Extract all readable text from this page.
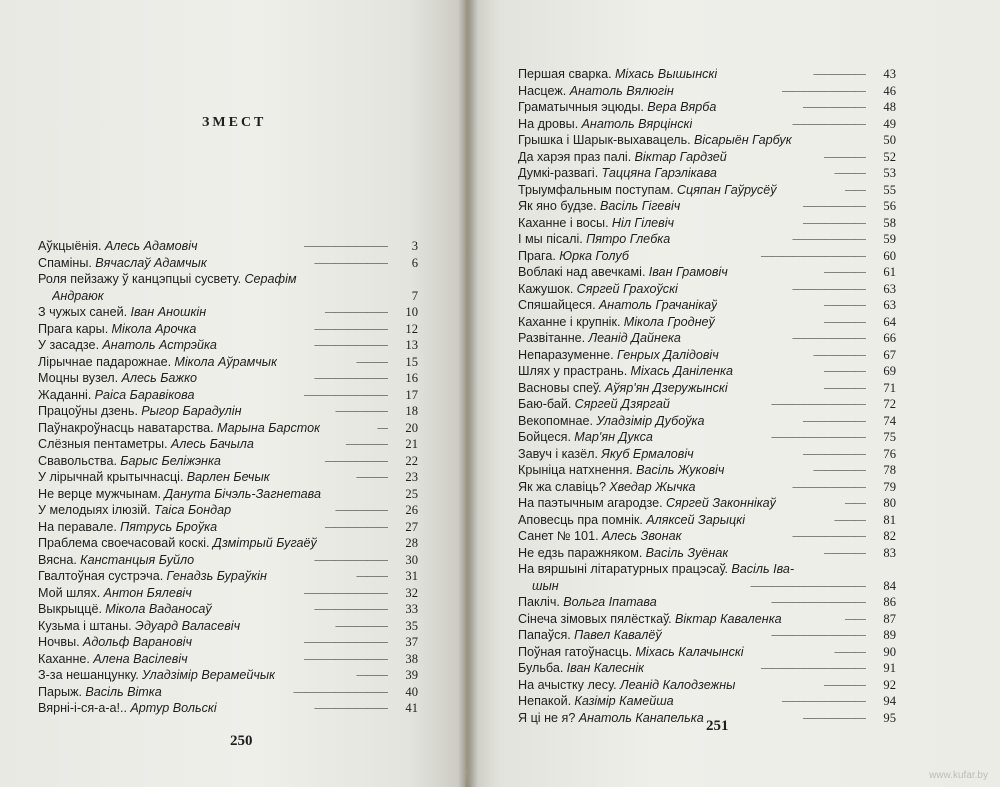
ЗМЕСТ
Аўкцыёнія. Алесь Адамовіч	————————	3
Спаміны. Вячаслаў Адамчык	———————	6
Роля пейзажу ў канцэпцыі сусвету. Серафім
Андраюк	7
З чужых саней. Іван Аношкін	——————	10
Прага кары. Мікола Арочка	———————	12
У засадзе. Анатоль Астрэйка	———————	13
Лірычнае падарожнае. Мікола Аўрамчык	———	15
Моцны вузел. Алесь Бажко	———————	16
Жаданні. Раіса Баравікова	————————	17
Працоўны дзень. Рыгор Барадулін	—————	18
Паўнакроўнасць наватарства. Марына Барсток	—	20
Слёзныя пентаметры. Алесь Бачыла	————	21
Свавольства. Барыс Беліжэнка	——————	22
У лірычнай крытычнасці. Варлен Бечык	———	23
Не верце мужчынам. Данута Бічэль-Загнетава	25
У мелодыях ілюзій. Таіса Бондар	—————	26
На перавале. Пятрусь Броўка	——————	27
Праблема своечасовай коскі. Дзмітрый Бугаёў	28
Вясна. Канстанцыя Буйло	———————	30
Гвалтоўная сустрэча. Генадзь Бураўкін	———	31
Мой шлях. Антон Бялевіч	————————	32
Выкрыццё. Мікола Ваданосаў	———————	33
Кузьма і штаны. Эдуард Валасевіч	—————	35
Ночвы. Адольф Варановіч	————————	37
Каханне. Алена Васілевіч	————————	38
З-за нешанцунку. Уладзімір Верамейчык	———	39
Парыж. Васіль Вітка	—————————	40
Вярні-і-ся-а-а!.. Артур Вольскі	———————	41
250
Першая сварка. Міхась Вышынскі	—————	43
Насцеж. Анатоль Вялюгін	————————	46
Граматычныя эцюды. Вера Вярба	——————	48
На дровы. Анатоль Вярцінскі	———————	49
Грышка і Шарык-выхавацель. Вісарыён Гарбук	50
Да харэя праз палі. Віктар Гардзей	————	52
Думкі-развагі. Таццяна Гарэлікава	———	53
Трыумфальным поступам. Сцяпан Гаўрусёў	——	55
Як яно будзе. Васіль Гігевіч	——————	56
Каханне і восы. Ніл Гілевіч	——————	58
І мы пісалі. Пятро Глебка	———————	59
Прага. Юрка Голуб	——————————	60
Воблакі над авечкамі. Іван Грамовіч	————	61
Кажушок. Сяргей Грахоўскі	———————	63
Спяшайцеся. Анатоль Грачанікаў	————	63
Каханне і крупнік. Мікола Гроднеў	————	64
Развітанне. Леанід Дайнека	———————	66
Непаразуменне. Генрых Далідовіч	—————	67
Шлях у прастрань. Міхась Даніленка	————	69
Васновы спеў. Аўяр'ян Дзеружынскі	————	71
Баю-бай. Сяргей Дзяргай	—————————	72
Векопомнае. Уладзімір Дубоўка	——————	74
Бойцеся. Мар'ян Дукса	—————————	75
Завуч і казёл. Якуб Ермаловіч	——————	76
Крыніца натхнення. Васіль Жуковіч	—————	78
Як жа славіць? Хведар Жычка	———————	79
На паэтычным агародзе. Сяргей Законнікаў	——	80
Аповесць пра помнік. Аляксей Зарыцкі	———	81
Санет № 101. Алесь Звонак	———————	82
Не едзь паражняком. Васіль Зуёнак	————	83
На вяршыні літаратурных працэсаў. Васіль Іва-
шын	———————————	84
Пакліч. Вольга Іпатава	—————————	86
Сінеча зімовых пялёсткаў. Віктар Каваленка	——	87
Папаўся. Павел Кавалёў	—————————	89
Поўная гатоўнасць. Міхась Калачынскі	———	90
Бульба. Іван Калеснік	——————————	91
На ачыстку лесу. Леанід Калодзежны	————	92
Непакой. Казімір Камейша	————————	94
Я ці не я? Анатоль Канапелька	——————	95
251
www.kufar.by
